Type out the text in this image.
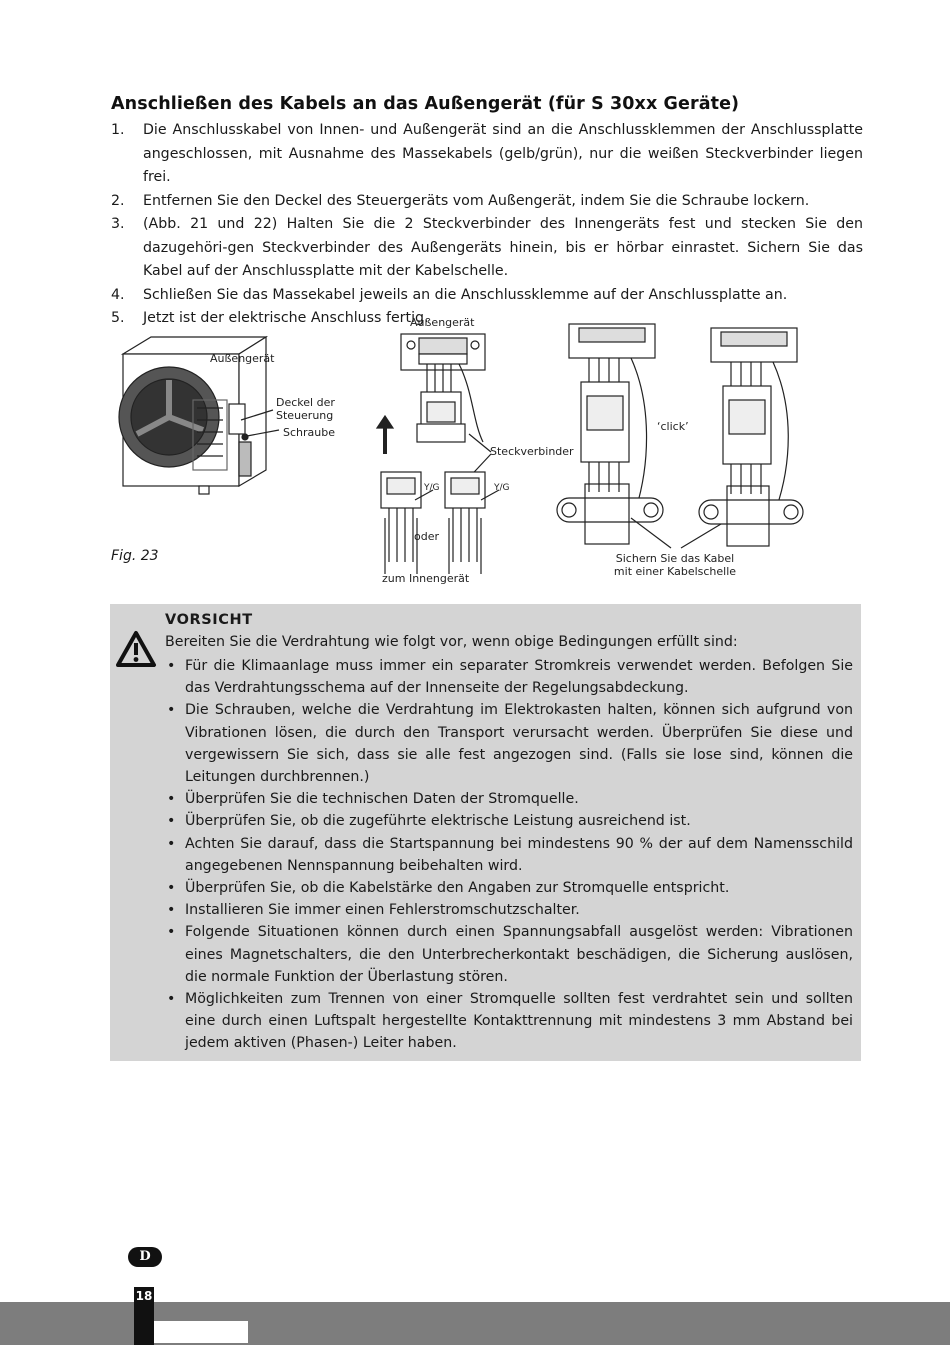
Anschließen des Kabels an das Außengerät (für S 30xx Geräte)
1. Die Anschlusskabel von Innen- und Außengerät sind an die Anschlussklemmen der Anschlussplatte angeschlossen, mit Ausnahme des Massekabels (gelb/grün), nur die weißen Steckverbinder liegen frei.
2. Entfernen Sie den Deckel des Steuergeräts vom Außengerät, indem Sie die Schraube lockern.
3. (Abb. 21 und 22) Halten Sie die 2 Steckverbinder des Innengeräts fest und stecken Sie den dazugehöri-gen Steckverbinder des Außengeräts hinein, bis er hörbar einrastet. Sichern Sie das Kabel auf der Anschlussplatte mit der Kabelschelle.
4. Schließen Sie das Massekabel jeweils an die Anschlussklemme auf der Anschlussplatte an.
5. Jetzt ist der elektrische Anschluss fertig.
Außengerät
Außengerät
Deckel der Steuerung
Schraube
Steckverbinder
Y/G	Y/G
oder
zum Innengerät
‘click’
Sichern Sie das Kabel mit einer Kabelschelle
Fig. 23
VORSICHT
Bereiten Sie die Verdrahtung wie folgt vor, wenn obige Bedingungen erfüllt sind:
• Für die Klimaanlage muss immer ein separater Stromkreis verwendet werden. Befolgen Sie das Verdrahtungsschema auf der Innenseite der Regelungsabdeckung.
• Die Schrauben, welche die Verdrahtung im Elektrokasten halten, können sich aufgrund von Vibrationen lösen, die durch den Transport verursacht werden. Überprüfen Sie diese und vergewissern Sie sich, dass sie alle fest angezogen sind. (Falls sie lose sind, können die Leitungen durchbrennen.)
• Überprüfen Sie die technischen Daten der Stromquelle.
• Überprüfen Sie, ob die zugeführte elektrische Leistung ausreichend ist.
• Achten Sie darauf, dass die Startspannung bei mindestens 90 % der auf dem Namensschild angegebenen Nennspannung beibehalten wird.
• Überprüfen Sie, ob die Kabelstärke den Angaben zur Stromquelle entspricht.
• Installieren Sie immer einen Fehlerstromschutzschalter.
• Folgende Situationen können durch einen Spannungsabfall ausgelöst werden: Vibrationen eines Magnetschalters, die den Unterbrecherkontakt beschädigen, die Sicherung auslösen, die normale Funktion der Überlastung stören.
• Möglichkeiten zum Trennen von einer Stromquelle sollten fest verdrahtet sein und sollten eine durch einen Luftspalt hergestellte Kontakttrennung mit mindestens 3 mm Abstand bei jedem aktiven (Phasen-) Leiter haben.
D
18
